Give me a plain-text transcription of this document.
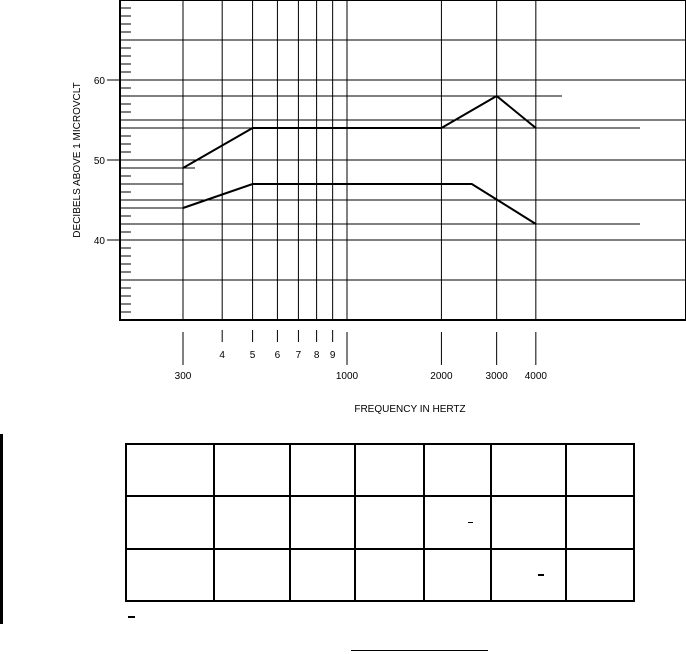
40
50
60
300
4 5 6 7 8 9
1000	2000	3000 4000
DECIBELS ABOVE 1 MICROVCLT
FREQUENCY IN HERTZ
